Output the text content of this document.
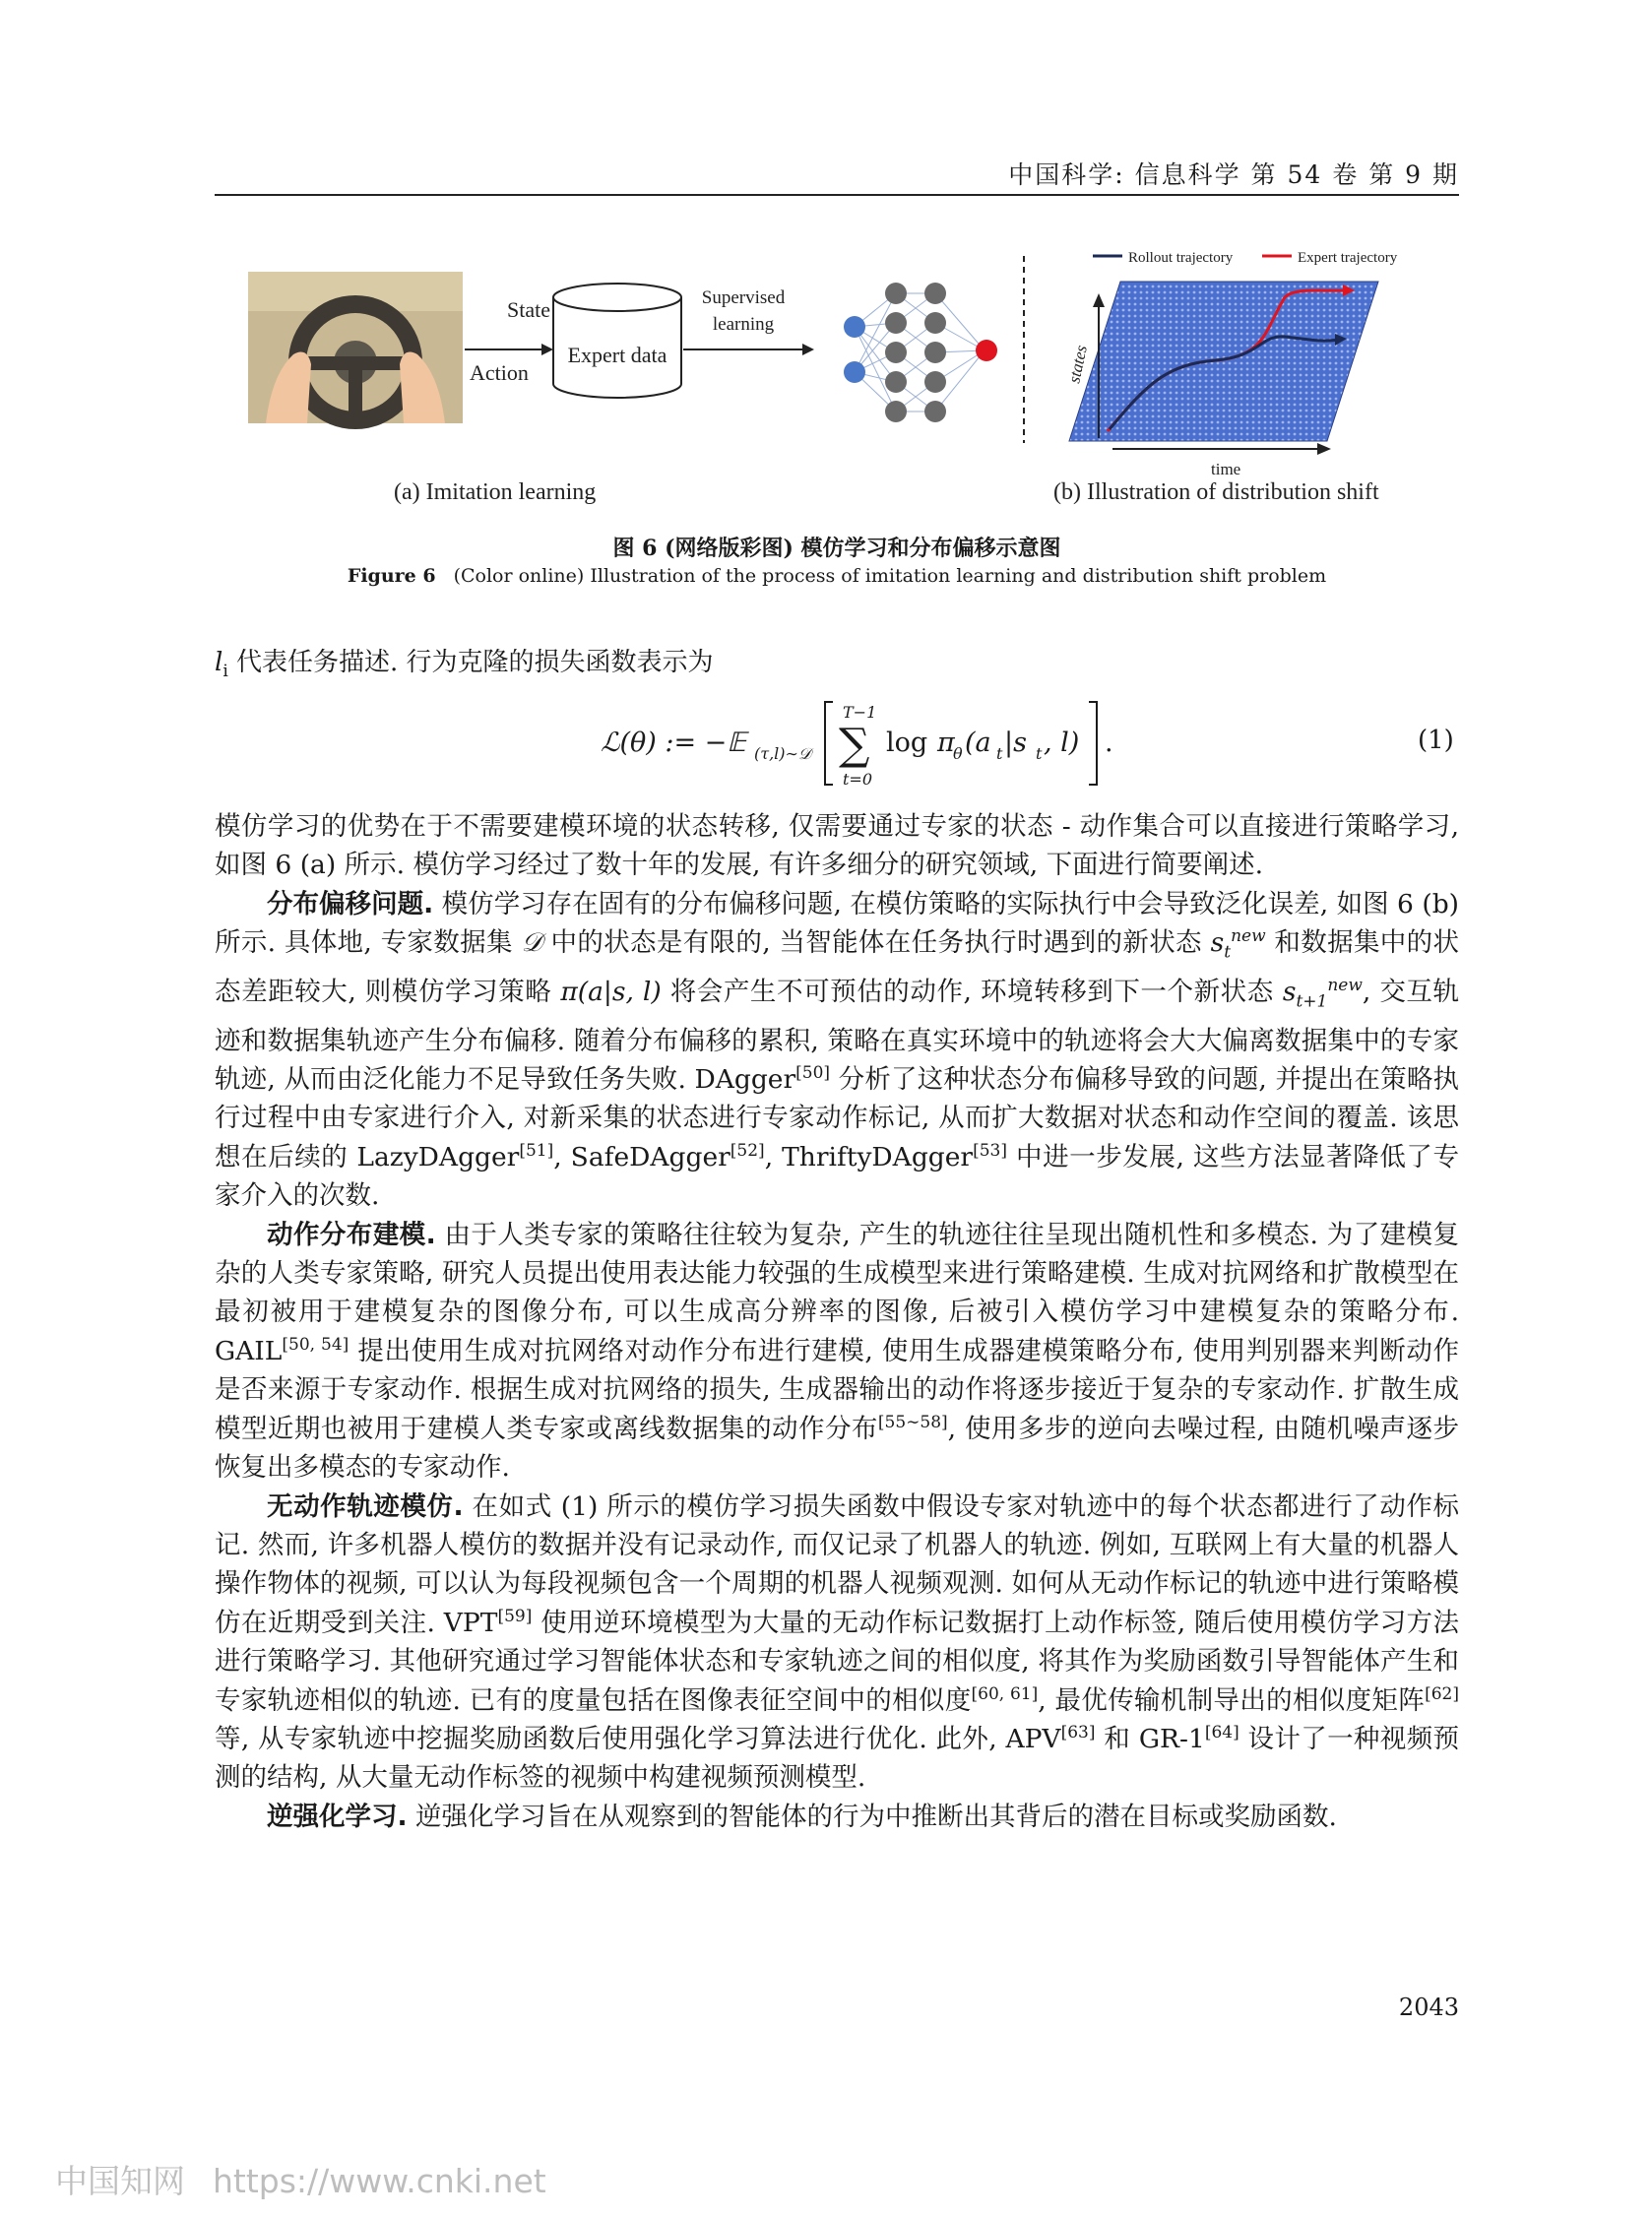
中国科学: 信息科学 第 54 卷 第 9 期
State
Action
Expert data
Supervised
learning
(a) Imitation learning
Rollout trajectory	Expert trajectory
states
time
(b) Illustration of distribution shift
图 6 (网络版彩图) 模仿学习和分布偏移示意图
Figure 6 (Color online) Illustration of the process of imitation learning and distribution shift problem
$l_i$ 代表任务描述. 行为克隆的损失函数表示为
ℒ(θ) := −𝔼 (τ,l)∼𝒟
T−1
∑
t=0
log π
θ (a t |s t , l) .	(1)

模仿学习的优势在于不需要建模环境的状态转移, 仅需要通过专家的状态 - 动作集合可以直接进行策略学习, 如图 6 (a) 所示. 模仿学习经过了数十年的发展, 有许多细分的研究领域, 下面进行简要阐述.

分布偏移问题. 模仿学习存在固有的分布偏移问题, 在模仿策略的实际执行中会导致泛化误差, 如图 6 (b) 所示. 具体地, 专家数据集 𝒟 中的状态是有限的, 当智能体在任务执行时遇到的新状态 $s_t^{new}$ 和数据集中的状态差距较大, 则模仿学习策略 π(a|s, l) 将会产生不可预估的动作, 环境转移到下一个新状态 $s_{t+1}^{new}$, 交互轨迹和数据集轨迹产生分布偏移. 随着分布偏移的累积, 策略在真实环境中的轨迹将会大大偏离数据集中的专家轨迹, 从而由泛化能力不足导致任务失败. DAgger[50] 分析了这种状态分布偏移导致的问题, 并提出在策略执行过程中由专家进行介入, 对新采集的状态进行专家动作标记, 从而扩大数据对状态和动作空间的覆盖. 该思想在后续的 LazyDAgger[51], SafeDAgger[52], ThriftyDAgger[53] 中进一步发展, 这些方法显著降低了专家介入的次数.

动作分布建模. 由于人类专家的策略往往较为复杂, 产生的轨迹往往呈现出随机性和多模态. 为了建模复杂的人类专家策略, 研究人员提出使用表达能力较强的生成模型来进行策略建模. 生成对抗网络和扩散模型在最初被用于建模复杂的图像分布, 可以生成高分辨率的图像, 后被引入模仿学习中建模复杂的策略分布. GAIL[50, 54] 提出使用生成对抗网络对动作分布进行建模, 使用生成器建模策略分布, 使用判别器来判断动作是否来源于专家动作. 根据生成对抗网络的损失, 生成器输出的动作将逐步接近于复杂的专家动作. 扩散生成模型近期也被用于建模人类专家或离线数据集的动作分布[55∼58], 使用多步的逆向去噪过程, 由随机噪声逐步恢复出多模态的专家动作.

无动作轨迹模仿. 在如式 (1) 所示的模仿学习损失函数中假设专家对轨迹中的每个状态都进行了动作标记. 然而, 许多机器人模仿的数据并没有记录动作, 而仅记录了机器人的轨迹. 例如, 互联网上有大量的机器人操作物体的视频, 可以认为每段视频包含一个周期的机器人视频观测. 如何从无动作标记的轨迹中进行策略模仿在近期受到关注. VPT[59] 使用逆环境模型为大量的无动作标记数据打上动作标签, 随后使用模仿学习方法进行策略学习. 其他研究通过学习智能体状态和专家轨迹之间的相似度, 将其作为奖励函数引导智能体产生和专家轨迹相似的轨迹. 已有的度量包括在图像表征空间中的相似度[60, 61], 最优传输机制导出的相似度矩阵[62] 等, 从专家轨迹中挖掘奖励函数后使用强化学习算法进行优化. 此外, APV[63] 和 GR-1[64] 设计了一种视频预测的结构, 从大量无动作标签的视频中构建视频预测模型.

逆强化学习. 逆强化学习旨在从观察到的智能体的行为中推断出其背后的潜在目标或奖励函数.

2043
中国知网 https://www.cnki.net
